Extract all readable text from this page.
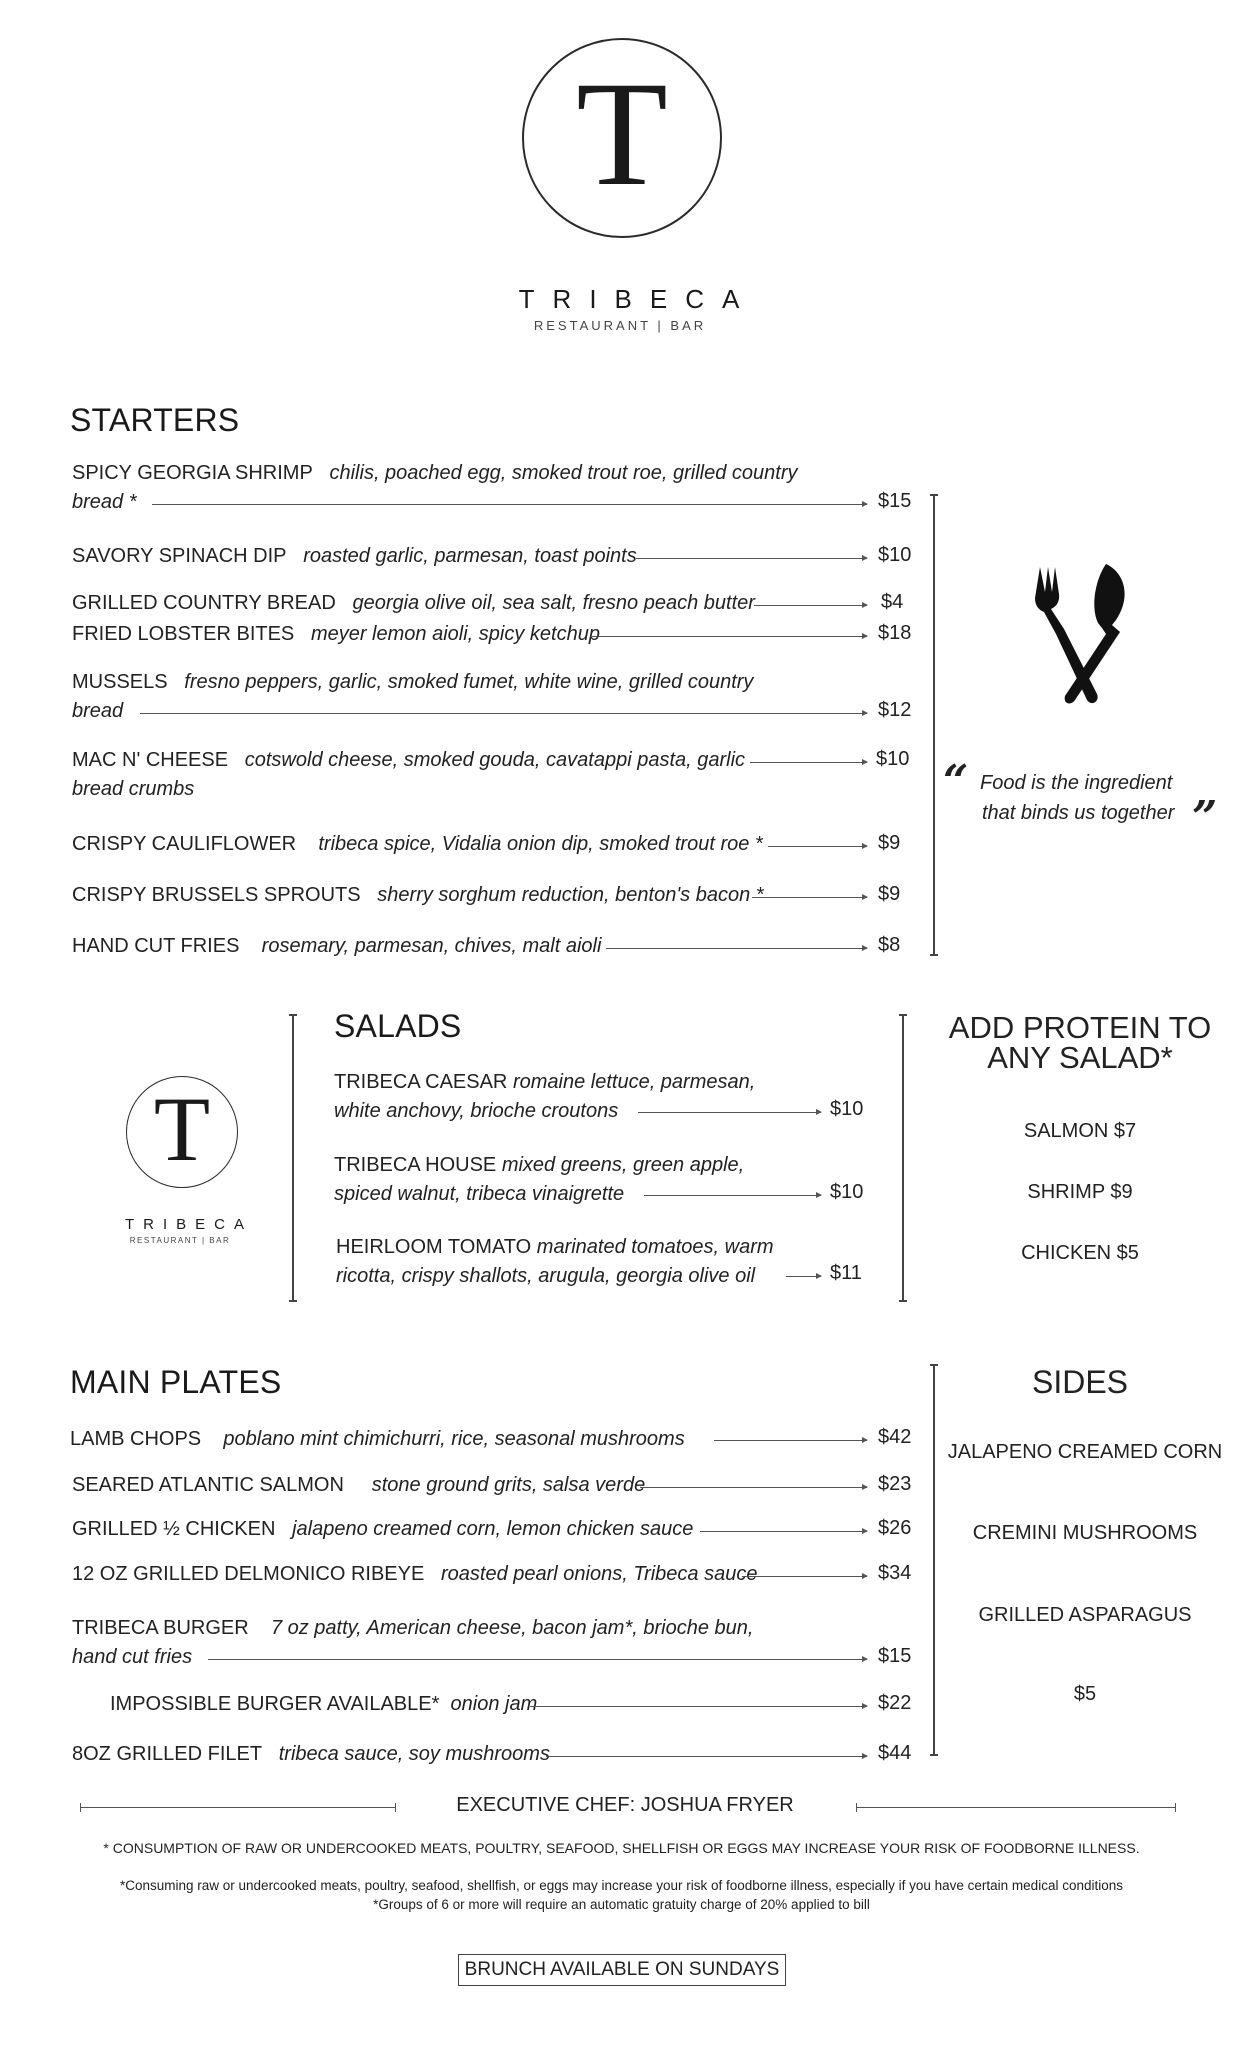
T
TRIBECA
RESTAURANT | BAR
STARTERS
SPICY GEORGIA SHRIMP chilis, poached egg, smoked trout roe, grilled country
bread *	$15
SAVORY SPINACH DIP roasted garlic, parmesan, toast points	$10
GRILLED COUNTRY BREAD georgia olive oil, sea salt, fresno peach butter	$4
FRIED LOBSTER BITES meyer lemon aioli, spicy ketchup	$18
MUSSELS fresno peppers, garlic, smoked fumet, white wine, grilled country
bread	$12
MAC N' CHEESE cotswold cheese, smoked gouda, cavatappi pasta, garlic
bread crumbs
$10
CRISPY CAULIFLOWER tribeca spice, Vidalia onion dip, smoked trout roe *	$9
CRISPY BRUSSELS SPROUTS sherry sorghum reduction, benton's bacon *	$9
HAND CUT FRIES rosemary, parmesan, chives, malt aioli	$8
“ Food is the ingredient
that binds us together ”
T
TRIBECA
RESTAURANT | BAR
SALADS
TRIBECA CAESAR romaine lettuce, parmesan,
white anchovy, brioche croutons	$10
TRIBECA HOUSE mixed greens, green apple,
spiced walnut, tribeca vinaigrette	$10
HEIRLOOM TOMATO marinated tomatoes, warm
ricotta, crispy shallots, arugula, georgia olive oil	$11
ADD PROTEIN TO
ANY SALAD*
SALMON $7
SHRIMP $9
CHICKEN $5
MAIN PLATES
LAMB CHOPS poblano mint chimichurri, rice, seasonal mushrooms	$42
SEARED ATLANTIC SALMON stone ground grits, salsa verde	$23
GRILLED ½ CHICKEN jalapeno creamed corn, lemon chicken sauce	$26
12 OZ GRILLED DELMONICO RIBEYE roasted pearl onions, Tribeca sauce	$34
TRIBECA BURGER 7 oz patty, American cheese, bacon jam*, brioche bun,
hand cut fries	$15
IMPOSSIBLE BURGER AVAILABLE* onion jam	$22
8OZ GRILLED FILET tribeca sauce, soy mushrooms	$44
SIDES
JALAPENO CREAMED CORN
CREMINI MUSHROOMS
GRILLED ASPARAGUS
$5
EXECUTIVE CHEF: JOSHUA FRYER
* CONSUMPTION OF RAW OR UNDERCOOKED MEATS, POULTRY, SEAFOOD, SHELLFISH OR EGGS MAY INCREASE YOUR RISK OF FOODBORNE ILLNESS.
*Consuming raw or undercooked meats, poultry, seafood, shellfish, or eggs may increase your risk of foodborne illness, especially if you have certain medical conditions
*Groups of 6 or more will require an automatic gratuity charge of 20% applied to bill
BRUNCH AVAILABLE ON SUNDAYS
